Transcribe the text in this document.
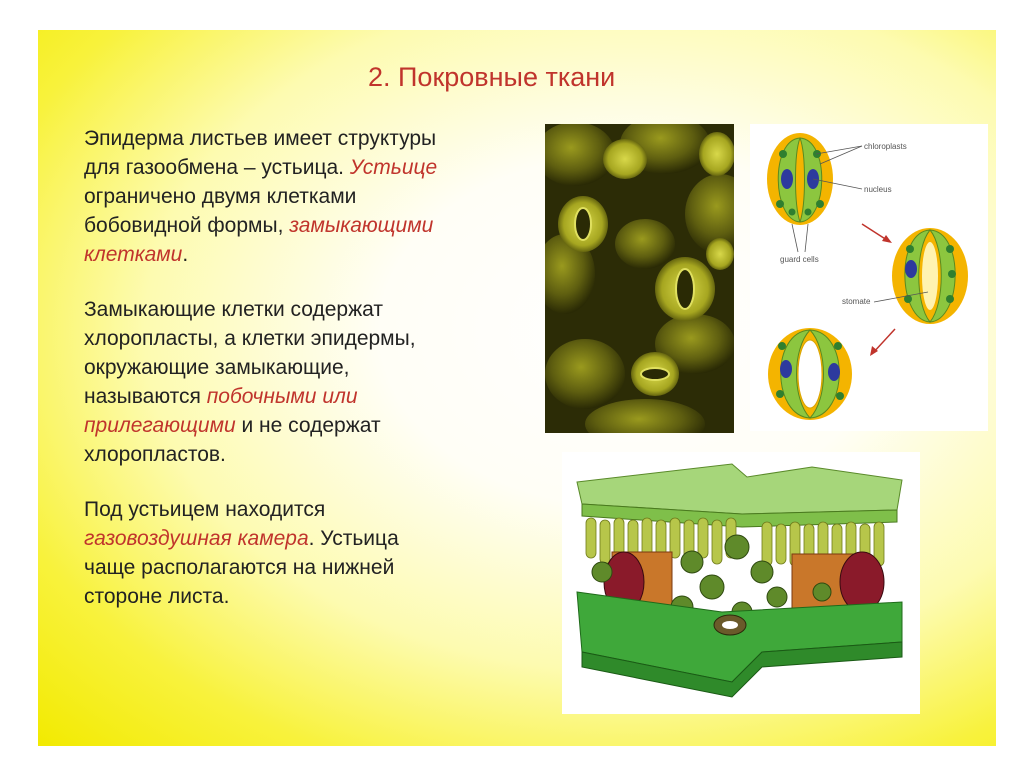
2. Покровные ткани

Эпидерма листьев имеет структуры

для газообмена – устьица. Устьице

ограничено двумя клетками

бобовидной формы, замыкающими

клетками.

Замыкающие клетки содержат

хлоропласты, а клетки эпидермы,

окружающие замыкающие,

называются побочными или

прилегающими и не содержат

хлоропластов.

Под устьицем находится

газовоздушная камера. Устьица

чаще располагаются на нижней

стороне листа.

chloroplasts
nucleus
guard cells
stomate
